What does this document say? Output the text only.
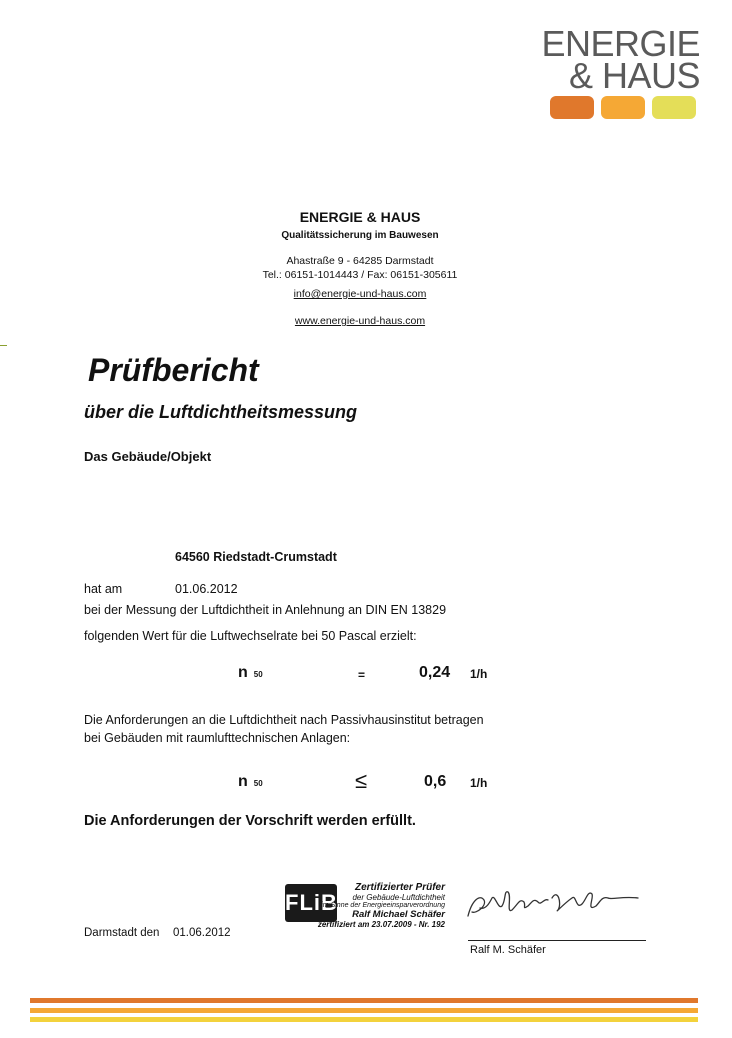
ENERGIE
& HAUS
ENERGIE & HAUS
Qualitätssicherung im Bauwesen
Ahastraße 9 - 64285 Darmstadt
Tel.: 06151-1014443 / Fax: 06151-305611
info@energie-und-haus.com
www.energie-und-haus.com
Prüfbericht
über die Luftdichtheitsmessung
Das Gebäude/Objekt
64560 Riedstadt-Crumstadt
hat am	01.06.2012
bei der Messung der Luftdichtheit in Anlehnung an DIN EN 13829
folgenden Wert für die Luftwechselrate bei 50 Pascal erzielt:
n 50	=	0,24 1/h
Die Anforderungen an die Luftdichtheit nach Passivhausinstitut betragen
bei Gebäuden mit raumlufttechnischen Anlagen:
n 50	≤	0,6 1/h
Die Anforderungen der Vorschrift werden erfüllt.
Darmstadt den 01.06.2012
FLiB
Zertifizierter Prüfer
der Gebäude-Luftdichtheit
im Sinne der Energieeinsparverordnung
Ralf Michael Schäfer
zertifiziert am 23.07.2009 - Nr. 192
Ralf M. Schäfer
